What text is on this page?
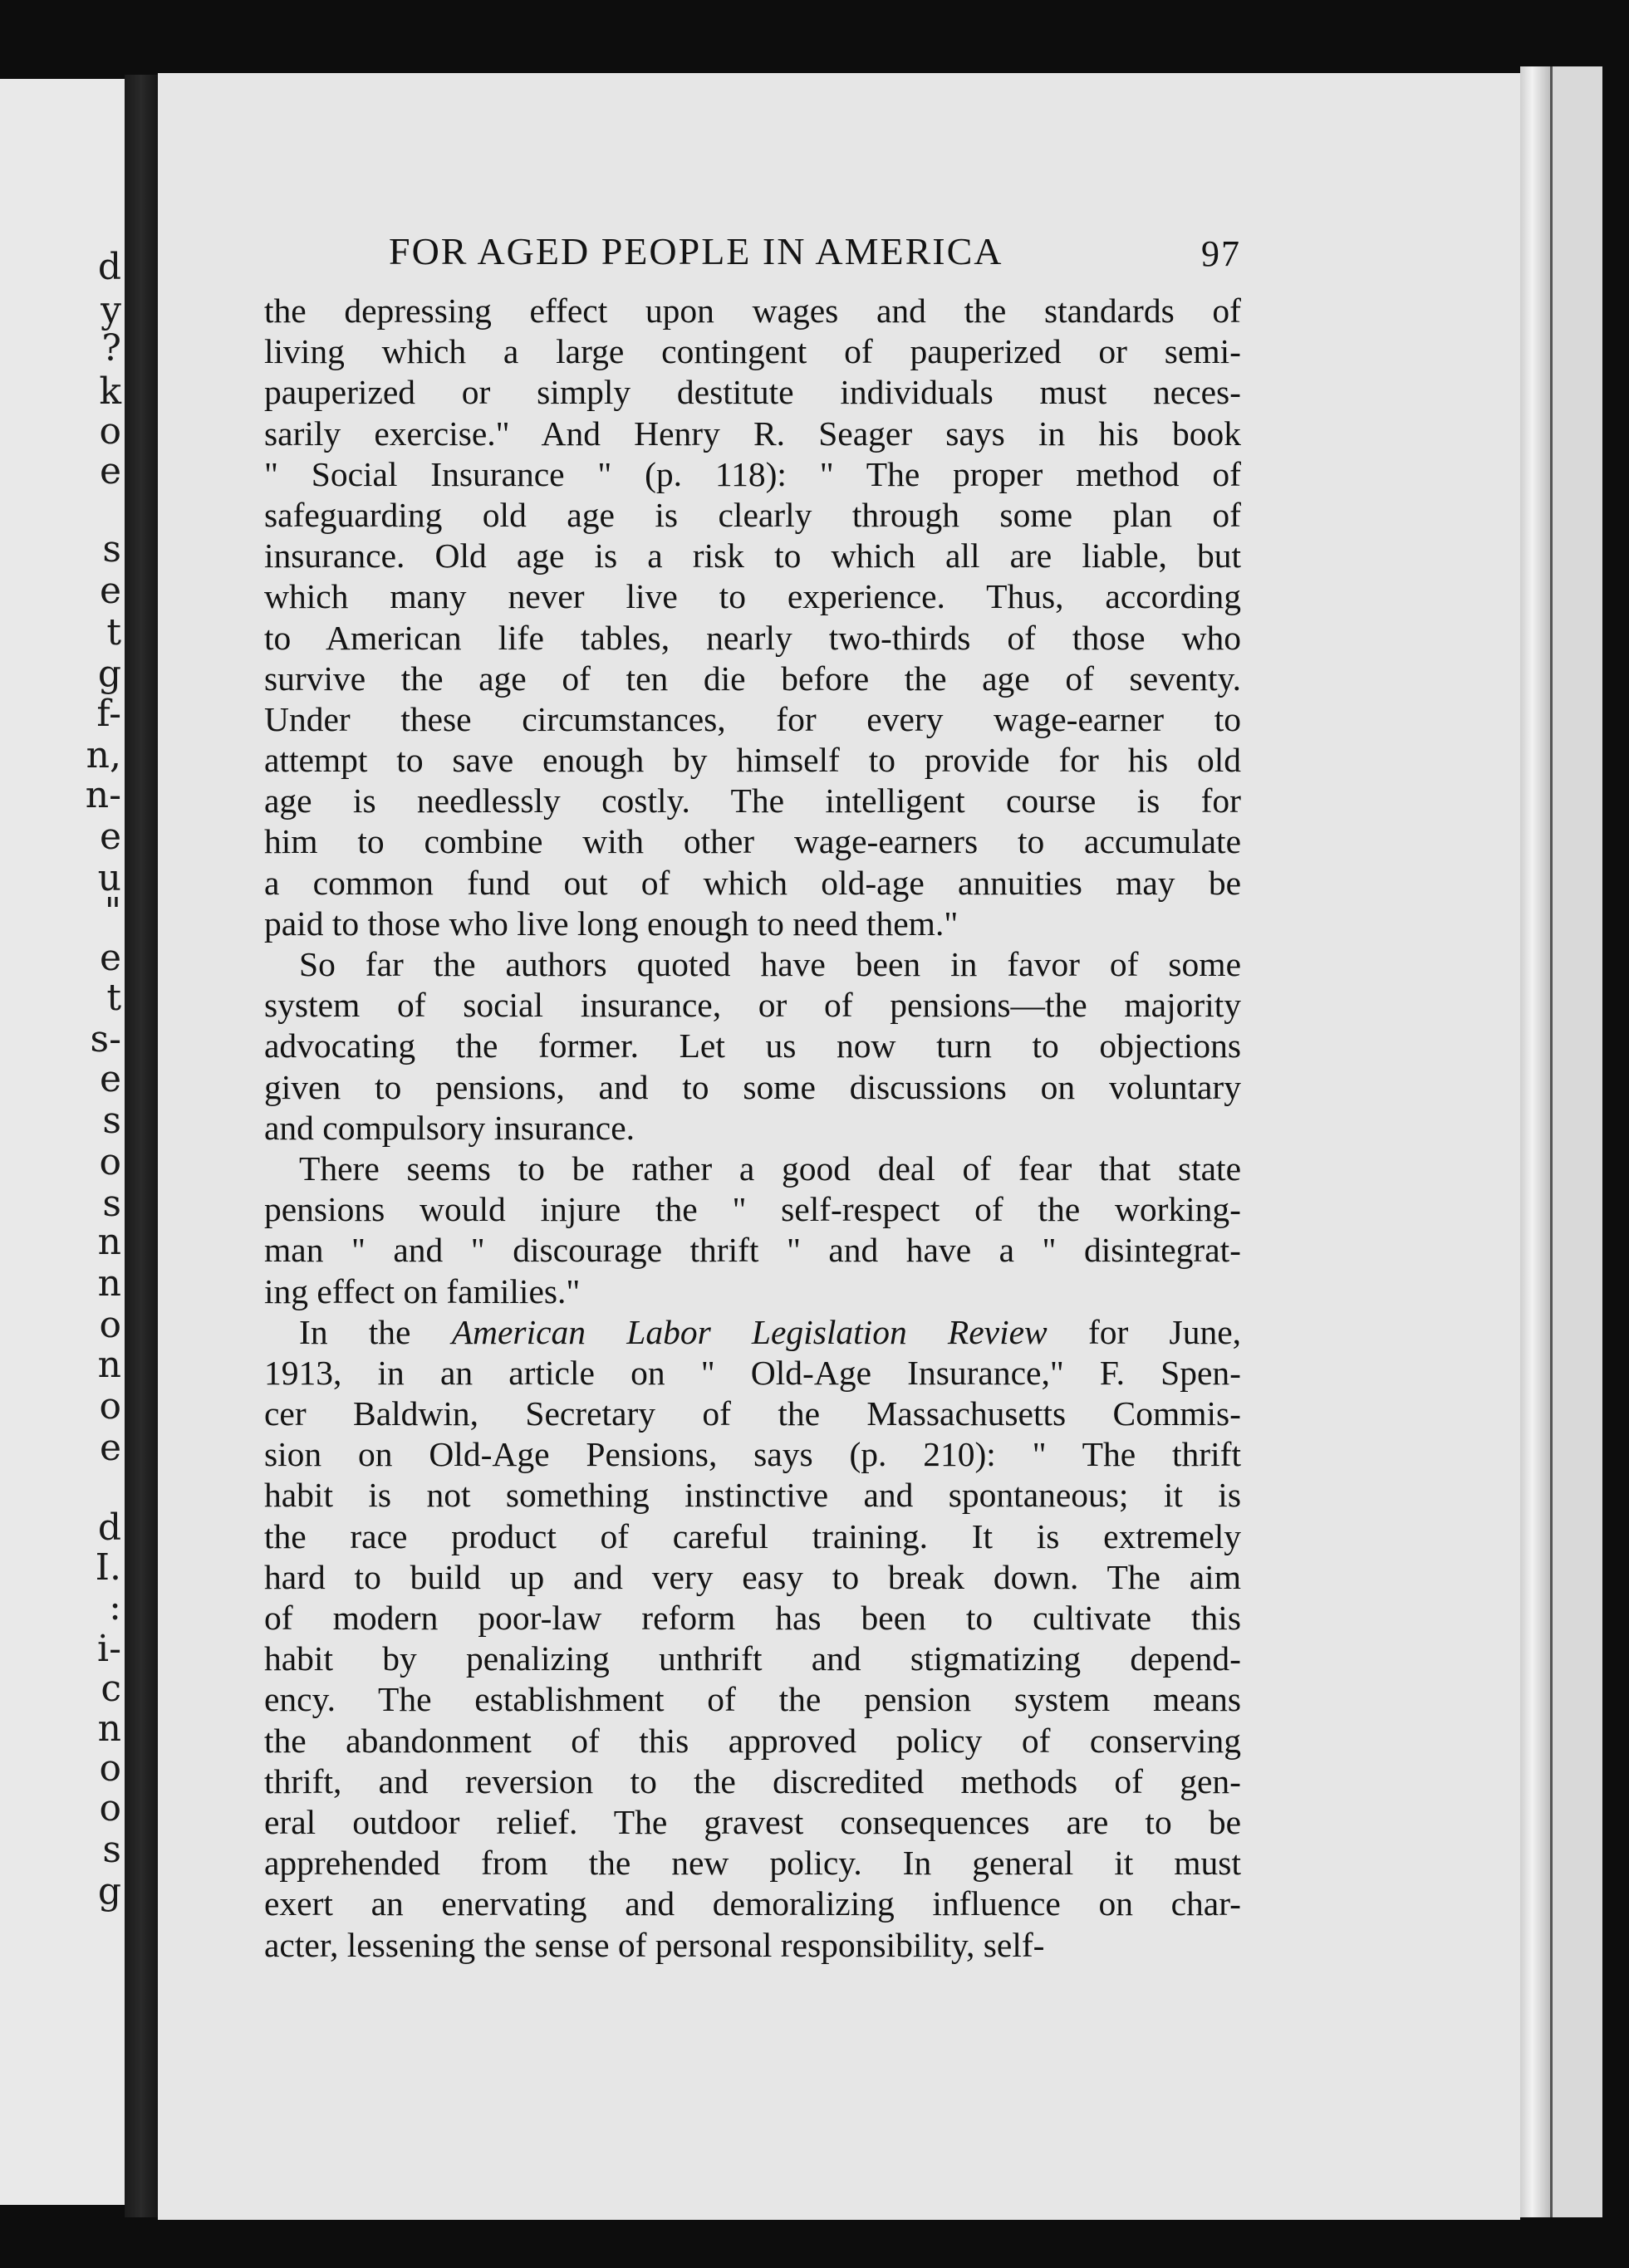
d
y
?
k
o
e
s
e
t
g
f-
n,
n-
e
u
"
e
t
s-
e
s
o
s
n
n
o
n
o
e
d
I.
:
i-
c
n
o
o
s
g
FOR AGED PEOPLE IN AMERICA	97
the depressing effect upon wages and the standards of
living which a large contingent of pauperized or semi-
pauperized or simply destitute individuals must neces-
sarily exercise." And Henry R. Seager says in his book
" Social Insurance " (p. 118): " The proper method of
safeguarding old age is clearly through some plan of
insurance. Old age is a risk to which all are liable, but
which many never live to experience. Thus, according
to American life tables, nearly two-thirds of those who
survive the age of ten die before the age of seventy.
Under these circumstances, for every wage-earner to
attempt to save enough by himself to provide for his old
age is needlessly costly. The intelligent course is for
him to combine with other wage-earners to accumulate
a common fund out of which old-age annuities may be
paid to those who live long enough to need them."
So far the authors quoted have been in favor of some
system of social insurance, or of pensions—the majority
advocating the former. Let us now turn to objections
given to pensions, and to some discussions on voluntary
and compulsory insurance.
There seems to be rather a good deal of fear that state
pensions would injure the " self-respect of the working-
man " and " discourage thrift " and have a " disintegrat-
ing effect on families."
In the American Labor Legislation Review for June,
1913, in an article on " Old-Age Insurance," F. Spen-
cer Baldwin, Secretary of the Massachusetts Commis-
sion on Old-Age Pensions, says (p. 210): " The thrift
habit is not something instinctive and spontaneous; it is
the race product of careful training. It is extremely
hard to build up and very easy to break down. The aim
of modern poor-law reform has been to cultivate this
habit by penalizing unthrift and stigmatizing depend-
ency. The establishment of the pension system means
the abandonment of this approved policy of conserving
thrift, and reversion to the discredited methods of gen-
eral outdoor relief. The gravest consequences are to be
apprehended from the new policy. In general it must
exert an enervating and demoralizing influence on char-
acter, lessening the sense of personal responsibility, self-
